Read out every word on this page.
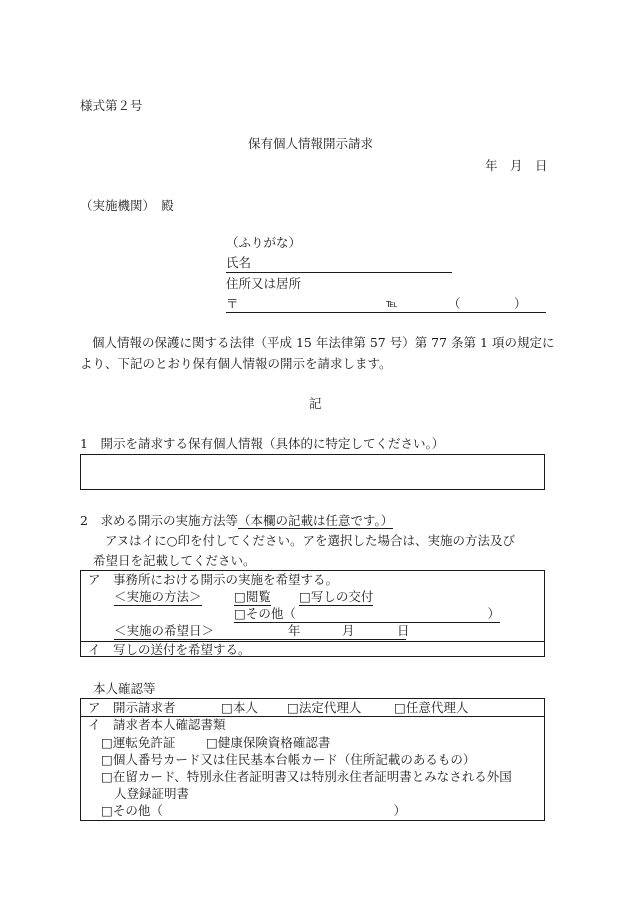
様式第２号
保有個人情報開示請求
年　月　日
（実施機関）　殿
（ふりがな）
氏名
住所又は居所
〒	℡	（　　　）
個人情報の保護に関する法律（平成 15 年法律第 57 号）第 77 条第 1 項の規定に
より、下記のとおり保有個人情報の開示を請求します。
記
1　開示を請求する保有個人情報（具体的に特定してください。）
2　求める開示の実施方法等（本欄の記載は任意です。）
アヌはイに○印を付してください。アを選択した場合は、実施の方法及び
希望日を記載してください。
ア　事務所における開示の実施を希望する。
＜実施の方法＞ □	閲覧 □	写しの交付
□ その他（	）
＜実施の希望日＞	年	月	日
イ　写しの送付を希望する。
本人確認等
ア　開示請求者 □	本人 □	法定代理人 □	任意代理人
イ　請求者本人確認書類
□ 運転免許証 □	健康保険資格確認書
□ 個人番号カード又は住民基本台帳カード（住所記載のあるもの）
□ 在留カード、特別永住者証明書又は特別永住者証明書とみなされる外国
人登録証明書
□ その他（	）
